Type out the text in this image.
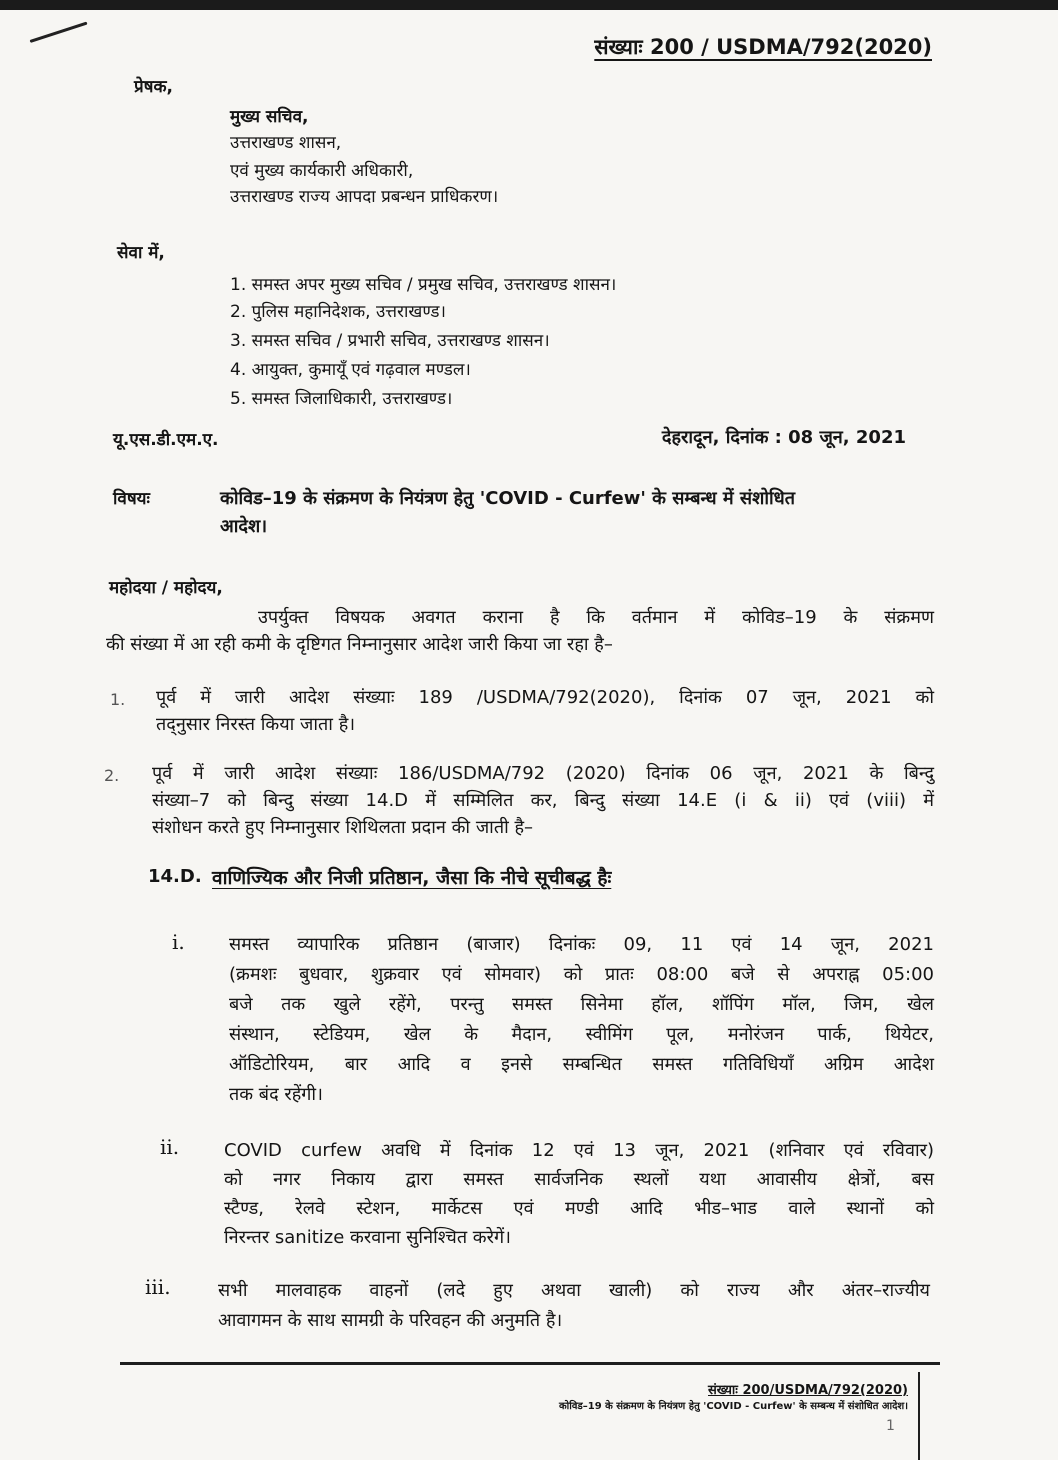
संख्याः 200 / USDMA/792(2020)
प्रेषक,
मुख्य सचिव,
उत्तराखण्ड शासन,
एवं मुख्य कार्यकारी अधिकारी,
उत्तराखण्ड राज्य आपदा प्रबन्धन प्राधिकरण।
सेवा में,
1. समस्त अपर मुख्य सचिव / प्रमुख सचिव, उत्तराखण्ड शासन।
2. पुलिस महानिदेशक, उत्तराखण्ड।
3. समस्त सचिव / प्रभारी सचिव, उत्तराखण्ड शासन।
4. आयुक्त, कुमायूँ एवं गढ़वाल मण्डल।
5. समस्त जिलाधिकारी, उत्तराखण्ड।
यू.एस.डी.एम.ए.	देहरादून, दिनांक : 08 जून, 2021
विषयः	कोविड–19 के संक्रमण के नियंत्रण हेतु 'COVID - Curfew' के सम्बन्ध में संशोधित
आदेश।
महोदया / महोदय,
उपर्युक्त विषयक अवगत कराना है कि वर्तमान में कोविड–19 के संक्रमण
की संख्या में आ रही कमी के दृष्टिगत निम्नानुसार आदेश जारी किया जा रहा है–
1. पूर्व में जारी आदेश संख्याः 189 /USDMA/792(2020), दिनांक 07 जून, 2021 को
तद्नुसार निरस्त किया जाता है।
2. पूर्व में जारी आदेश संख्याः 186/USDMA/792 (2020) दिनांक 06 जून, 2021 के बिन्दु
संख्या–7 को बिन्दु संख्या 14.D में सम्मिलित कर, बिन्दु संख्या 14.E (i & ii) एवं (viii) में
संशोधन करते हुए निम्नानुसार शिथिलता प्रदान की जाती है–
14.D. वाणिज्यिक और निजी प्रतिष्ठान, जैसा कि नीचे सूचीबद्ध हैः
i. समस्त व्यापारिक प्रतिष्ठान (बाजार) दिनांकः 09, 11 एवं 14 जून, 2021
(क्रमशः बुधवार, शुक्रवार एवं सोमवार) को प्रातः 08:00 बजे से अपराह्न 05:00
बजे तक खुले रहेंगे, परन्तु समस्त सिनेमा हॉल, शॉपिंग मॉल, जिम, खेल
संस्थान, स्टेडियम, खेल के मैदान, स्वीमिंग पूल, मनोरंजन पार्क, थियेटर,
ऑडिटोरियम, बार आदि व इनसे सम्बन्धित समस्त गतिविधियाँ अग्रिम आदेश
तक बंद रहेंगी।
ii. COVID curfew अवधि में दिनांक 12 एवं 13 जून, 2021 (शनिवार एवं रविवार)
को नगर निकाय द्वारा समस्त सार्वजनिक स्थलों यथा आवासीय क्षेत्रों, बस
स्टैण्ड, रेलवे स्टेशन, मार्केटस एवं मण्डी आदि भीड–भाड वाले स्थानों को
निरन्तर sanitize करवाना सुनिश्चित करेगें।
iii.	सभी मालवाहक वाहनों (लदे हुए अथवा खाली) को राज्य और अंतर–राज्यीय
आवागमन के साथ सामग्री के परिवहन की अनुमति है।
संख्याः 200/USDMA/792(2020)
कोविड–19 के संक्रमण के नियंत्रण हेतु 'COVID - Curfew' के सम्बन्ध में संशोधित आदेश।
1
